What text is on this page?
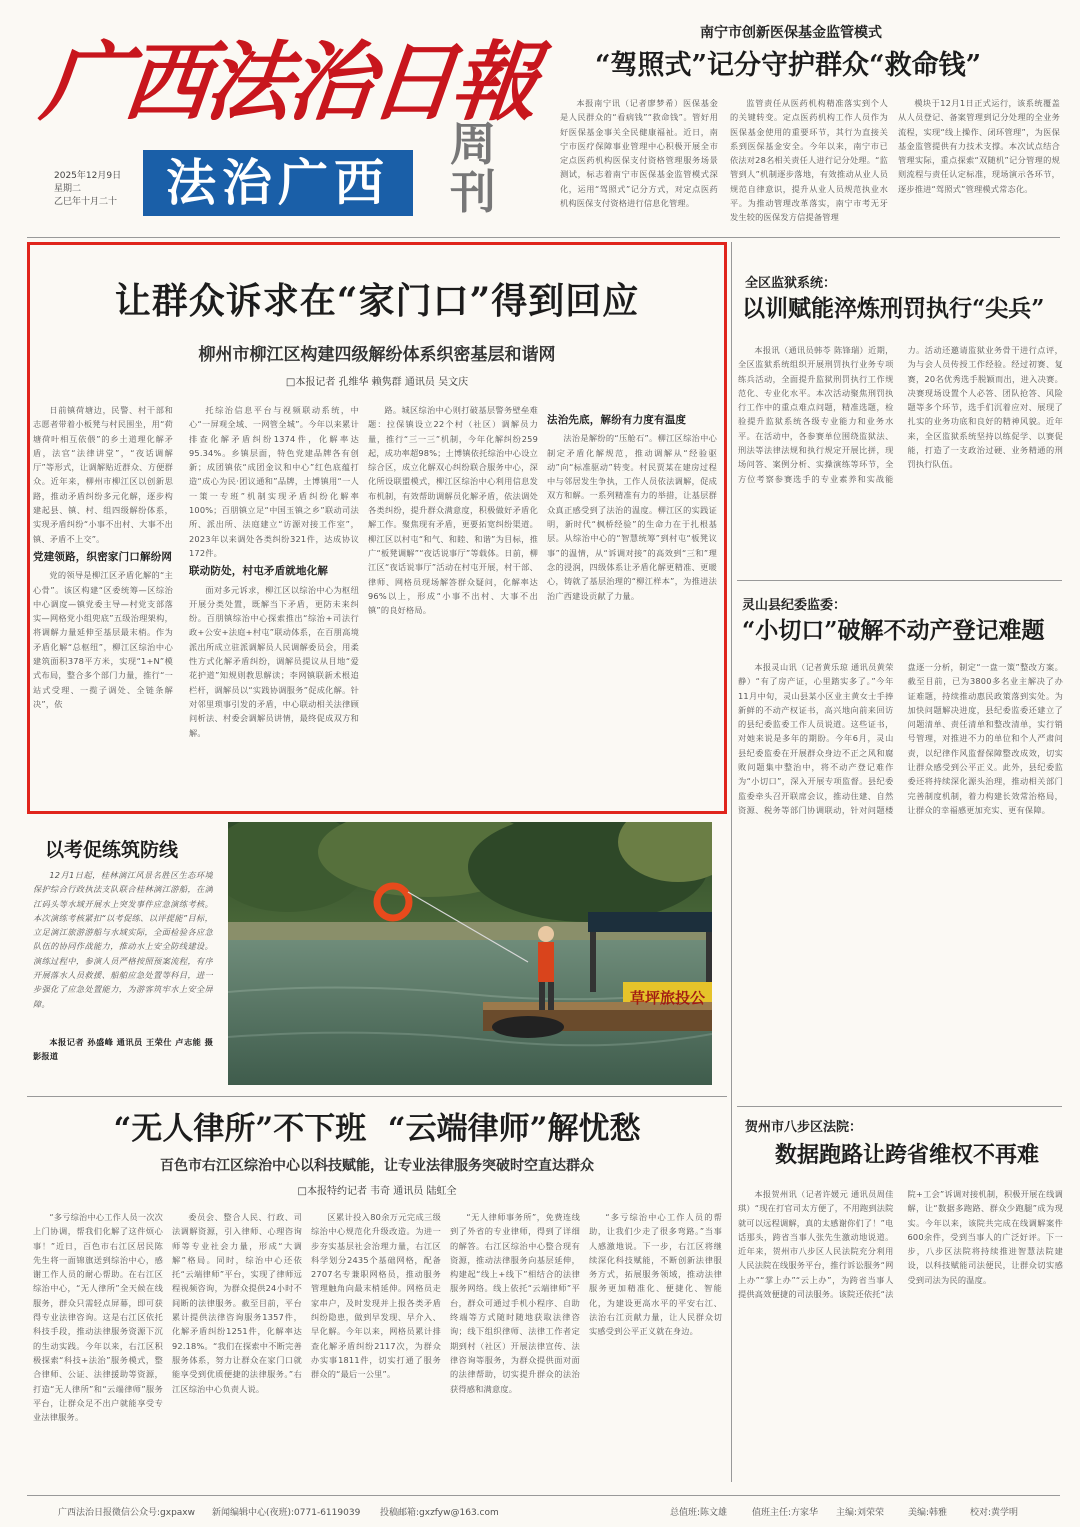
广西法治日報
2025年12月9日
星期二
乙巳年十月二十 法治广西
周刊
南宁市创新医保基金监管模式
“驾照式”记分守护群众“救命钱”

本报南宁讯（记者廖梦希）医保基金是人民群众的“看病钱”“救命钱”。管好用好医保基金事关全民健康福祉。近日，南宁市医疗保障事业管理中心积极开展全市定点医药机构医保支付资格管理服务场景测试，标志着南宁市医保基金监管模式深化，运用“驾照式”记分方式，对定点医药机构医保支付资格进行信息化管理。

监管责任从医药机构精准落实到个人的关键转变。定点医药机构工作人员作为医保基金使用的重要环节，其行为直接关系到医保基金安全。今年以来，南宁市已依法对28名相关责任人进行记分处理。“监管到人”机制逐步落地，有效推动从业人员规范自律意识，提升从业人员规范执业水平。为推动管理改革落实，南宁市考无牙发生较的医保发方信提备管理

模块于12月1日正式运行，该系统覆盖从人员登记、备案管理到记分处理的全业务流程，实现“线上操作、闭环管理”，为医保基金监管提供有力技术支撑。本次试点结合管理实际，重点探索“双随机”记分管理的规则流程与责任认定标准，现场演示各环节，逐步推进“驾照式”管理模式常态化。

让群众诉求在“家门口”得到回应
柳州市柳江区构建四级解纷体系织密基层和谐网
□本报记者 孔维华 赖隽群 通讯员 吴文庆

日前镇荷塘边，民警、村干部和志愿者带着小板凳与村民围坐，用“荷塘荷叶相互依偎”的乡土道理化解矛盾，法官“法律讲堂”，“夜话调解厅”等形式，让调解贴近群众、方便群众。近年来，柳州市柳江区以创新思路，推动矛盾纠纷多元化解，逐步构建起县、镇、村、组四级解纷体系，实现矛盾纠纷“小事不出村、大事不出镇、矛盾不上交”。

党建领路，织密家门口解纷网

党的领导是柳江区矛盾化解的“主心骨”。该区构建“区委统筹—区综治中心调度—镇党委主导—村党支部落实—网格党小组兜底”五级治理架构，将调解力量延伸至基层最末梢。作为矛盾化解“总枢纽”，柳江区综治中心建筑面积378平方米，实现“1+N”模式布局，整合多个部门力量，推行“一站式受理、一揽子调处、全链条解决”，依

托综治信息平台与视频联动系统，中心“一屏观全域、一网管全城”。今年以来累计排查化解矛盾纠纷1374件，化解率达95.34%。乡镇层面，特色党建品牌各有创新；成团镇依“成团金议和中心”红色底蕴打造“成心为民·团议通和”品牌，土博镇用“一人一策一专班”机制实现矛盾纠纷化解率100%；百朋镇立足“中国玉镇之乡”联动司法所、派出所、法庭建立“访源对接工作室”，2023年以来调处各类纠纷321件，达成协议172件。

联动防处，村屯矛盾就地化解

面对多元诉求，柳江区以综治中心为枢纽开展分类处置，既解当下矛盾，更防未来纠纷。百朋镇综治中心探索推出“综治+司法行政+公安+法庭+村屯”联动体系，在百朋高境派出所成立驻派调解员人民调解委员会，用柔性方式化解矛盾纠纷，调解员提议从目地“爱花护道”知规则教思解读；李网镇联新术根追栏杆，调解员以“实践协调服务”促成化解。针对邻里琐事引发的矛盾，中心联动相关法律顾问析法、村委会调解员讲情，最终促成双方和解。

路。城区综治中心则打破基层警务壁垒难题：拉保镇设立22个村（社区）调解员力量，推行“三一三”机制，今年化解纠纷259起，成功率超98%；土博镇依托综治中心设立综合区，成立化解双心纠纷联合服务中心，深化所设联盟模式，柳江区综治中心利用信息发布机制，有效帮助调解员化解矛盾，依法调处各类纠纷，提升群众满意度，积极做好矛盾化解工作。聚焦现有矛盾，更要拓宽纠纷渠道。柳江区以村屯“和气、和睦、和谐”为目标，推广“板凳调解”“夜话说事厅”等载体。日前，柳江区“夜话说事厅”活动在村屯开展，村干部、律师、网格员现场解答群众疑问，化解率达96%以上，形成“小事不出村、大事不出镇”的良好格局。

法治先底，解纷有力度有温度

法治是解纷的“压舱石”。柳江区综治中心制定矛盾化解规范，推动调解从“经验驱动”向“标准驱动”转变。村民贾某在建房过程中与邻居发生争执，工作人员依法调解，促成双方和解。一系列精准有力的举措，让基层群众真正感受到了法治的温度。柳江区的实践证明，新时代“枫桥经验”的生命力在于扎根基层。从综治中心的“智慧统筹”到村屯“板凳议事”的温情，从“诉调对接”的高效到“三和”理念的浸润，四级体系让矛盾化解更精准、更暖心，铸就了基层治理的“柳江样本”，为推进法治广西建设贡献了力量。

全区监狱系统：
以训赋能淬炼刑罚执行“尖兵”

本报讯（通讯员韩苓 陈锋瑞）近期，全区监狱系统组织开展刑罚执行业务专项练兵活动，全面提升监狱刑罚执行工作规范化、专业化水平。本次活动聚焦刑罚执行工作中的重点难点问题，精准选题，检验提升监狱系统各级专业能力和业务水平。在活动中，各参赛单位围绕监狱法、刑法等法律法规和执行规定开展比拼，现场问答、案例分析、实操演练等环节，全方位考察参赛选手的专业素养和实战能力。活动还邀请监狱业务骨干进行点评，为与会人员传授工作经验。经过初赛、复赛，20名优秀选手脱颖而出，进入决赛。决赛现场设置个人必答、团队抢答、风险题等多个环节，选手们沉着应对、展现了扎实的业务功底和良好的精神风貌。近年来，全区监狱系统坚持以练促学、以赛促能，打造了一支政治过硬、业务精通的刑罚执行队伍。

灵山县纪委监委：
“小切口”破解不动产登记难题

本报灵山讯（记者黄乐琼 通讯员黄荣静）“有了房产证，心里踏实多了。”今年11月中旬，灵山县某小区业主黄女士手捧新鲜的不动产权证书，高兴地向前来回访的县纪委监委工作人员说道。这些证书，对她来说是多年的期盼。今年6月，灵山县纪委监委在开展群众身边不正之风和腐败问题集中整治中，将不动产登记难作为“小切口”，深入开展专项监督。县纪委监委牵头召开联席会议，推动住建、自然资源、税务等部门协调联动，针对问题楼盘逐一分析，制定“一盘一策”整改方案。截至目前，已为3800多名业主解决了办证难题，持续推动惠民政策落到实处。为加快问题解决进度，县纪委监委还建立了问题清单、责任清单和整改清单，实行销号管理，对推进不力的单位和个人严肃问责，以纪律作风监督保障整改成效，切实让群众感受到公平正义。此外，县纪委监委还将持续深化源头治理，推动相关部门完善制度机制，着力构建长效常治格局，让群众的幸福感更加充实、更有保障。

贺州市八步区法院：
数据跑路让跨省维权不再难

本报贺州讯（记者许媛元 通讯员周佳琪）“现在打官司太方便了，不用跑到法院就可以远程调解，真的太感谢你们了！”电话那头，跨省当事人张先生激动地说道。近年来，贺州市八步区人民法院充分利用人民法院在线服务平台，推行诉讼服务“网上办”“掌上办”“云上办”，为跨省当事人提供高效便捷的司法服务。该院还依托“法院+工会”诉调对接机制，积极开展在线调解，让“数据多跑路、群众少跑腿”成为现实。今年以来，该院共完成在线调解案件600余件，受到当事人的广泛好评。下一步，八步区法院将持续推进智慧法院建设，以科技赋能司法便民，让群众切实感受到司法为民的温度。

以考促练筑防线

12月1日起，桂林漓江风景名胜区生态环境保护综合行政执法支队联合桂林漓江游船，在漓江码头等水域开展水上突发事件应急演练考核。本次演练考核紧扣“以考促练、以评提能”目标，立足漓江旅游游船与水域实际，全面检验各应急队伍的协同作战能力，推动水上安全防线建设。演练过程中，参演人员严格按照预案流程，有序开展落水人员救援、船舶应急处置等科目，进一步强化了应急处置能力，为游客筑牢水上安全屏障。

本报记者 孙盛峰 通讯员 王荣仕 卢志能 摄影报道

草坪旅投公
“无人律所”不下班  “云端律师”解忧愁
百色市右江区综治中心以科技赋能，让专业法律服务突破时空直达群众
□本报特约记者 韦奇 通讯员 陆虹全

“多亏综治中心工作人员一次次上门协调，帮我们化解了这件烦心事！”近日，百色市右江区居民陈先生将一面锦旗送到综治中心，感谢工作人员的耐心帮助。在右江区综治中心，“无人律所”全天候在线服务，群众只需轻点屏幕，即可获得专业法律咨询。这是右江区依托科技手段，推动法律服务资源下沉的生动实践。今年以来，右江区积极探索“科技+法治”服务模式，整合律师、公证、法律援助等资源，打造“无人律所”和“云端律师”服务平台，让群众足不出户就能享受专业法律服务。

委员会、整合人民、行政、司法调解资源，引入律师、心理咨询师等专业社会力量，形成“大调解”格局。同时，综治中心还依托“云端律师”平台，实现了律师远程视频咨询，为群众提供24小时不间断的法律服务。截至目前，平台累计提供法律咨询服务1357件，化解矛盾纠纷1251件，化解率达92.18%。“我们在探索中不断完善服务体系，努力让群众在家门口就能享受到优质便捷的法律服务。”右江区综治中心负责人说。

区累计投入80余万元完成三级综治中心规范化升级改造。为进一步夯实基层社会治理力量，右江区科学划分2435个基础网格，配备2707名专兼职网格员，推动服务管理触角向最末梢延伸。网格员走家串户，及时发现并上报各类矛盾纠纷隐患，做到早发现、早介入、早化解。今年以来，网格员累计排查化解矛盾纠纷2117次，为群众办实事1811件，切实打通了服务群众的“最后一公里”。

“无人律师事务所”，免费连线到了外省的专业律师，得到了详细的解答。右江区综治中心整合现有资源，推动法律服务向基层延伸，构建起“线上+线下”相结合的法律服务网络。线上依托“云端律师”平台，群众可通过手机小程序、自助终端等方式随时随地获取法律咨询；线下组织律师、法律工作者定期到村（社区）开展法律宣传、法律咨询等服务，为群众提供面对面的法律帮助，切实提升群众的法治获得感和满意度。

“多亏综治中心工作人员的帮助，让我们少走了很多弯路。”当事人感激地说。下一步，右江区将继续深化科技赋能，不断创新法律服务方式，拓展服务领域，推动法律服务更加精准化、便捷化、智能化，为建设更高水平的平安右江、法治右江贡献力量，让人民群众切实感受到公平正义就在身边。

广西法治日报微信公众号:gxpaxw	新闻编辑中心(夜班):0771-6119039	投稿邮箱:gxzfyw@163.com	总值班:陈文雄	值班主任:方家华	主编:刘荣荣	美编:韩雅	校对:黄学明
